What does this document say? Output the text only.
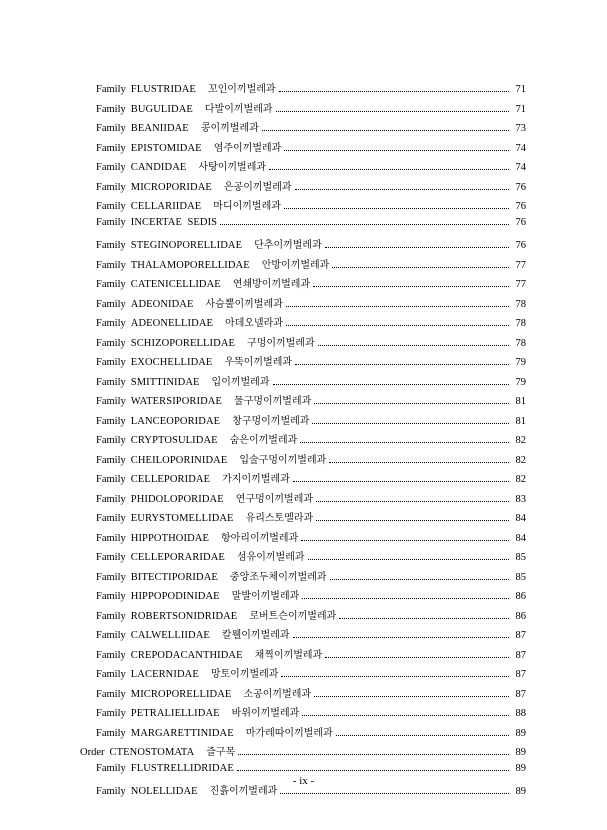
Family FLUSTRIDAE 꼬인이끼벌레과	71
Family BUGULIDAE 다발이끼벌레과	71
Family BEANIIDAE 콩이끼벌레과	73
Family EPISTOMIDAE 염주이끼벌레과	74
Family CANDIDAE 사탕이끼벌레과	74
Family MICROPORIDAE 은공이끼벌레과	76
Family CELLARIIDAE 마디이끼벌레과	76
Family INCERTAE  SEDIS	76
Family STEGINOPORELLIDAE 단추이끼벌레과	76
Family THALAMOPORELLIDAE 안방이끼벌레과	77
Family CATENICELLIDAE 연쇄방이끼벌레과	77
Family ADEONIDAE 사슴뿔이끼벌레과	78
Family ADEONELLIDAE 아데오넬라과	78
Family SCHIZOPORELLIDAE 구멍이끼벌레과	78
Family EXOCHELLIDAE 우뚝이끼벌레과	79
Family SMITTINIDAE 입이끼벌레과	79
Family WATERSIPORIDAE 물구멍이끼벌레과	81
Family LANCEOPORIDAE 창구멍이끼벌레과	81
Family CRYPTOSULIDAE 숨은이끼벌레과	82
Family CHEILOPORINIDAE 입술구멍이끼벌레과	82
Family CELLEPORIDAE 가지이끼벌레과	82
Family PHIDOLOPORIDAE 연구멍이끼벌레과	83
Family EURYSTOMELLIDAE 유리스토멜라과	84
Family HIPPOTHOIDAE 항아리이끼벌레과	84
Family CELLEPORARIDAE 섬유이끼벌레과	85
Family BITECTIPORIDAE 중앙조두체이끼벌레과	85
Family HIPPOPODINIDAE 말발이끼벌레과	86
Family ROBERTSONIDRIDAE 로버트슨이끼벌레과	86
Family CALWELLIIDAE 칼웰이끼벌레과	87
Family CREPODACANTHIDAE 채찍이끼벌레과	87
Family LACERNIDAE 망토이끼벌레과	87
Family MICROPORELLIDAE 소공이끼벌레과	87
Family PETRALIELLIDAE 바위이끼벌레과	88
Family MARGARETTINIDAE 마가레따이끼벌레과	89
Order CTENOSTOMATA 즐구목	89
Family FLUSTRELLIDRIDAE	89
Family NOLELLIDAE 진흙이끼벌레과	89
- ix -
